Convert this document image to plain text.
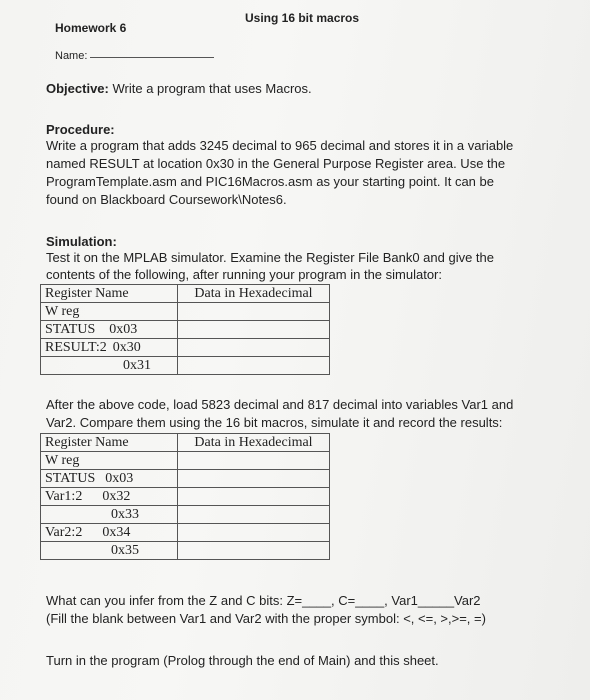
Homework 6
Using 16 bit macros
Name:
Objective: Write a program that uses Macros.
Procedure:
Write a program that adds 3245 decimal to 965 decimal and stores it in a variable
named RESULT at location 0x30 in the General Purpose Register area. Use the
ProgramTemplate.asm and PIC16Macros.asm as your starting point. It can be
found on Blackboard Coursework\Notes6.
Simulation:
Test it on the MPLAB simulator. Examine the Register File Bank0 and give the
contents of the following, after running your program in the simulator:
Register Name	Data in Hexadecimal
W reg	
STATUS 0x03	
RESULT:2 0x30	
0x31	
After the above code, load 5823 decimal and 817 decimal into variables Var1 and
Var2. Compare them using the 16 bit macros, simulate it and record the results:
Register Name	Data in Hexadecimal
W reg	
STATUS 0x03	
Var1:2 0x32	
0x33	
Var2:2 0x34	
0x35	
What can you infer from the Z and C bits: Z=____, C=____, Var1_____Var2
(Fill the blank between Var1 and Var2 with the proper symbol: <, <=, >,>=, =)
Turn in the program (Prolog through the end of Main) and this sheet.
